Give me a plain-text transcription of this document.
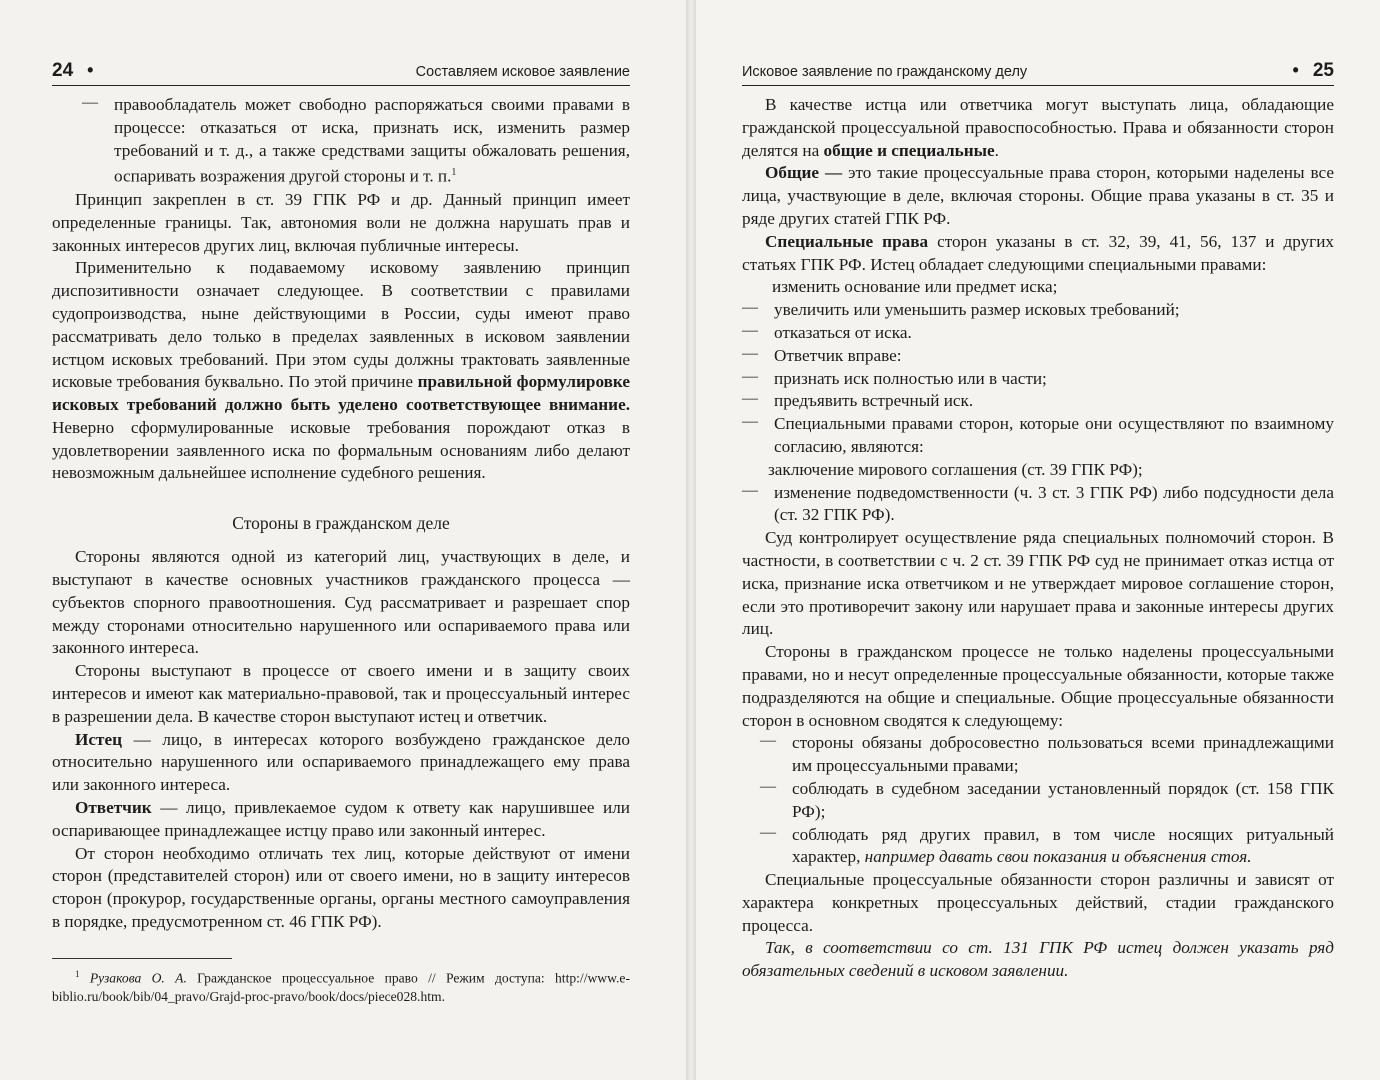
24 •	Составляем исковое заявление
— правообладатель может свободно распоряжаться своими правами в процессе: отказаться от иска, признать иск, изменить размер требований и т. д., а также средствами защиты обжаловать решения, оспаривать возражения другой стороны и т. п.$^1$

Принцип закреплен в ст. 39 ГПК РФ и др. Данный принцип имеет определенные границы. Так, автономия воли не должна нарушать прав и законных интересов других лиц, включая публичные интересы.

Применительно к подаваемому исковому заявлению принцип диспозитивности означает следующее. В соответствии с правилами судопроизводства, ныне действующими в России, суды имеют право рассматривать дело только в пределах заявленных в исковом заявлении истцом исковых требований. При этом суды должны трактовать заявленные исковые требования буквально. По этой причине правильной формулировке исковых требований должно быть уделено соответствующее внимание. Неверно сформулированные исковые требования порождают отказ в удовлетворении заявленного иска по формальным основаниям либо делают невозможным дальнейшее исполнение судебного решения.

Стороны в гражданском деле

Стороны являются одной из категорий лиц, участвующих в деле, и выступают в качестве основных участников гражданского процесса — субъектов спорного правоотношения. Суд рассматривает и разрешает спор между сторонами относительно нарушенного или оспариваемого права или законного интереса.

Стороны выступают в процессе от своего имени и в защиту своих интересов и имеют как материально-правовой, так и процессуальный интерес в разрешении дела. В качестве сторон выступают истец и ответчик.

Истец — лицо, в интересах которого возбуждено гражданское дело относительно нарушенного или оспариваемого принадлежащего ему права или законного интереса.

Ответчик — лицо, привлекаемое судом к ответу как нарушившее или оспаривающее принадлежащее истцу право или законный интерес.

От сторон необходимо отличать тех лиц, которые действуют от имени сторон (представителей сторон) или от своего имени, но в защиту интересов сторон (прокурор, государственные органы, органы местного самоуправления в порядке, предусмотренном ст. 46 ГПК РФ).

$^1$ Рузакова О. А. Гражданское процессуальное право // Режим доступа: http://www.e-biblio.ru/book/bib/04_pravo/Grajd-proc-pravo/book/docs/piece028.htm.

Исковое заявление по гражданскому делу	• 25

В качестве истца или ответчика могут выступать лица, обладающие гражданской процессуальной правоспособностью. Права и обязанности сторон делятся на общие и специальные.

Общие — это такие процессуальные права сторон, которыми наделены все лица, участвующие в деле, включая стороны. Общие права указаны в ст. 35 и ряде других статей ГПК РФ.

Специальные права сторон указаны в ст. 32, 39, 41, 56, 137 и других статьях ГПК РФ. Истец обладает следующими специальными правами:

изменить основание или предмет иска;

— увеличить или уменьшить размер исковых требований;

— отказаться от иска.

— Ответчик вправе:

— признать иск полностью или в части;

— предъявить встречный иск.

— Специальными правами сторон, которые они осуществляют по взаимному согласию, являются:

заключение мирового соглашения (ст. 39 ГПК РФ);

— изменение подведомственности (ч. 3 ст. 3 ГПК РФ) либо подсудности дела (ст. 32 ГПК РФ).

Суд контролирует осуществление ряда специальных полномочий сторон. В частности, в соответствии с ч. 2 ст. 39 ГПК РФ суд не принимает отказ истца от иска, признание иска ответчиком и не утверждает мировое соглашение сторон, если это противоречит закону или нарушает права и законные интересы других лиц.

Стороны в гражданском процессе не только наделены процессуальными правами, но и несут определенные процессуальные обязанности, которые также подразделяются на общие и специальные. Общие процессуальные обязанности сторон в основном сводятся к следующему:

— стороны обязаны добросовестно пользоваться всеми принадлежащими им процессуальными правами;

— соблюдать в судебном заседании установленный порядок (ст. 158 ГПК РФ);

— соблюдать ряд других правил, в том числе носящих ритуальный характер, например давать свои показания и объяснения стоя.

Специальные процессуальные обязанности сторон различны и зависят от характера конкретных процессуальных действий, стадии гражданского процесса.

Так, в соответствии со ст. 131 ГПК РФ истец должен указать ряд обязательных сведений в исковом заявлении.
